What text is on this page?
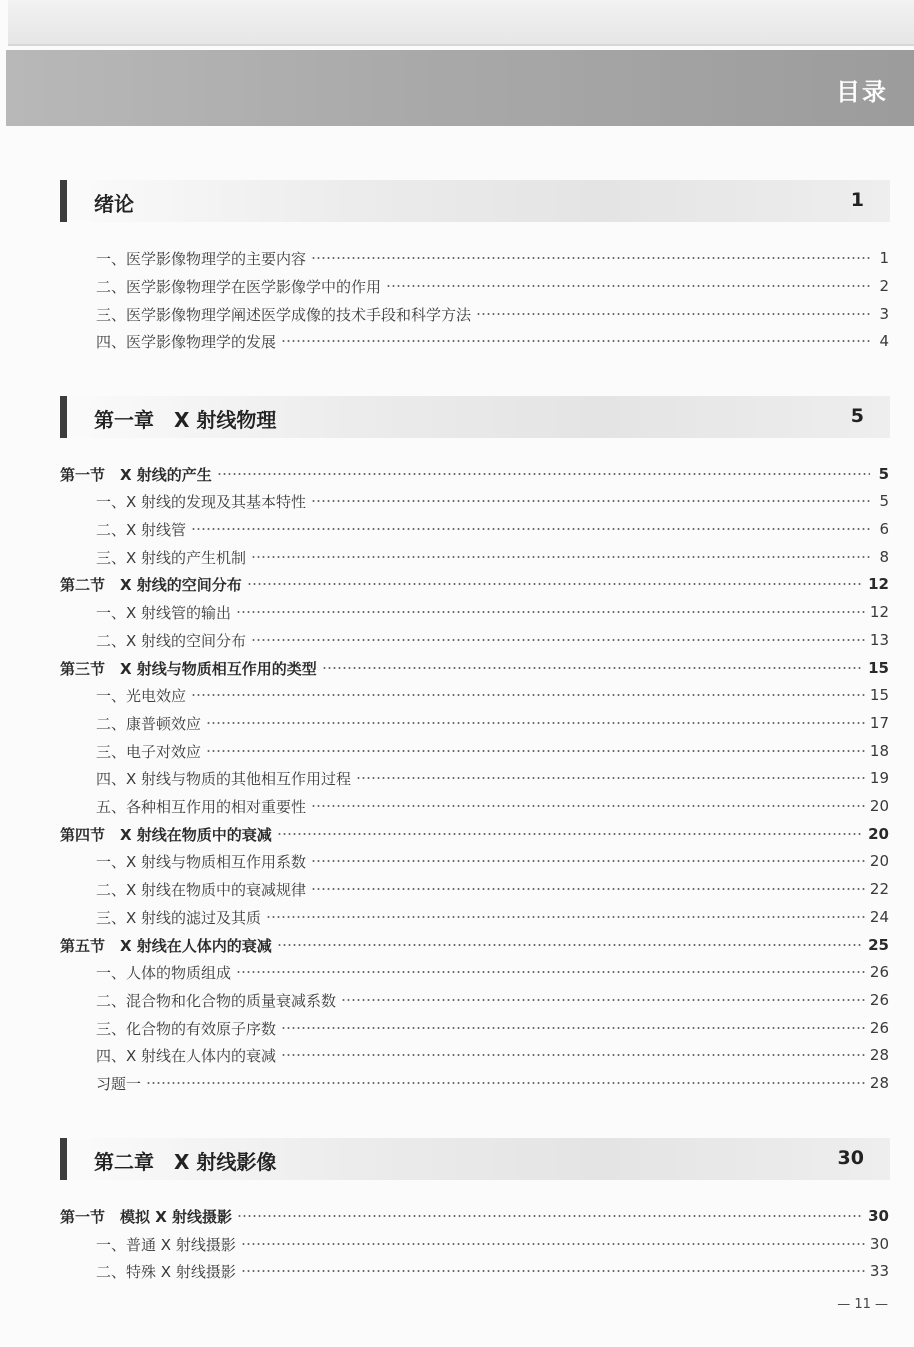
目录
绪论	1
一、医学影像物理学的主要内容	1
二、医学影像物理学在医学影像学中的作用	2
三、医学影像物理学阐述医学成像的技术手段和科学方法	3
四、医学影像物理学的发展	4
第一章　X 射线物理	5
第一节　X 射线的产生	5
一、X 射线的发现及其基本特性	5
二、X 射线管	6
三、X 射线的产生机制	8
第二节　X 射线的空间分布	12
一、X 射线管的输出	12
二、X 射线的空间分布	13
第三节　X 射线与物质相互作用的类型	15
一、光电效应	15
二、康普顿效应	17
三、电子对效应	18
四、X 射线与物质的其他相互作用过程	19
五、各种相互作用的相对重要性	20
第四节　X 射线在物质中的衰减	20
一、X 射线与物质相互作用系数	20
二、X 射线在物质中的衰减规律	22
三、X 射线的滤过及其质	24
第五节　X 射线在人体内的衰减	25
一、人体的物质组成	26
二、混合物和化合物的质量衰减系数	26
三、化合物的有效原子序数	26
四、X 射线在人体内的衰减	28
习题一	28
第二章　X 射线影像	30
第一节　模拟 X 射线摄影	30
一、普通 X 射线摄影	30
二、特殊 X 射线摄影	33
— 11 —
